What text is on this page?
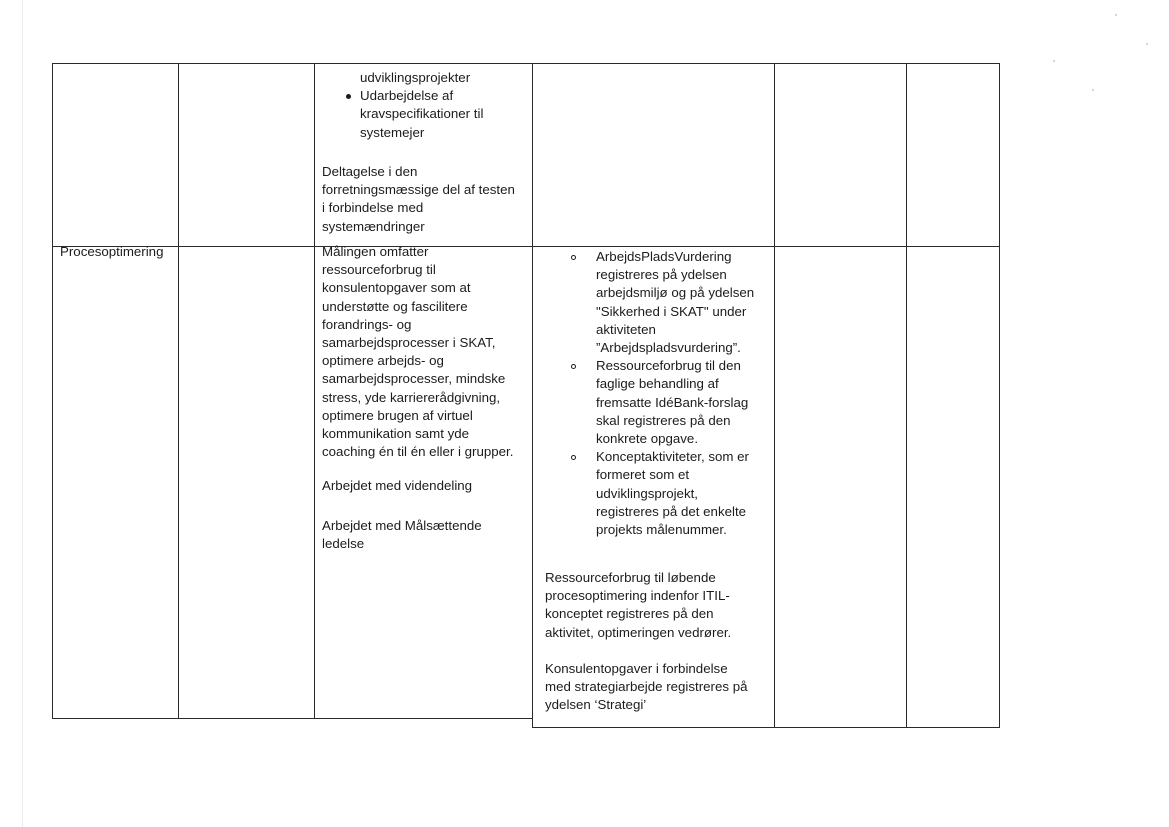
udviklingsprojekter
Udarbejdelse af
kravspecifikationer til
systemejer
Deltagelse i den
forretningsmæssige del af testen
i forbindelse med
systemændringer
Procesoptimering	Målingen omfatter
ressourceforbrug til
konsulentopgaver som at
understøtte og fascilitere
forandrings- og
samarbejdsprocesser i SKAT,
optimere arbejds- og
samarbejdsprocesser, mindske
stress, yde karriererådgivning,
optimere brugen af virtuel
kommunikation samt yde
coaching én til én eller i grupper.
Arbejdet med videndeling
Arbejdet med Målsættende
ledelse
ArbejdsPladsVurdering
registreres på ydelsen
arbejdsmiljø og på ydelsen
"Sikkerhed i SKAT" under
aktiviteten
”Arbejdspladsvurdering”.
Ressourceforbrug til den
faglige behandling af
fremsatte IdéBank-forslag
skal registreres på den
konkrete opgave.
Konceptaktiviteter, som er
formeret som et
udviklingsprojekt,
registreres på det enkelte
projekts målenummer.
Ressourceforbrug til løbende
procesoptimering indenfor ITIL-
konceptet registreres på den
aktivitet, optimeringen vedrører.
Konsulentopgaver i forbindelse
med strategiarbejde registreres på
ydelsen ‘Strategi’
